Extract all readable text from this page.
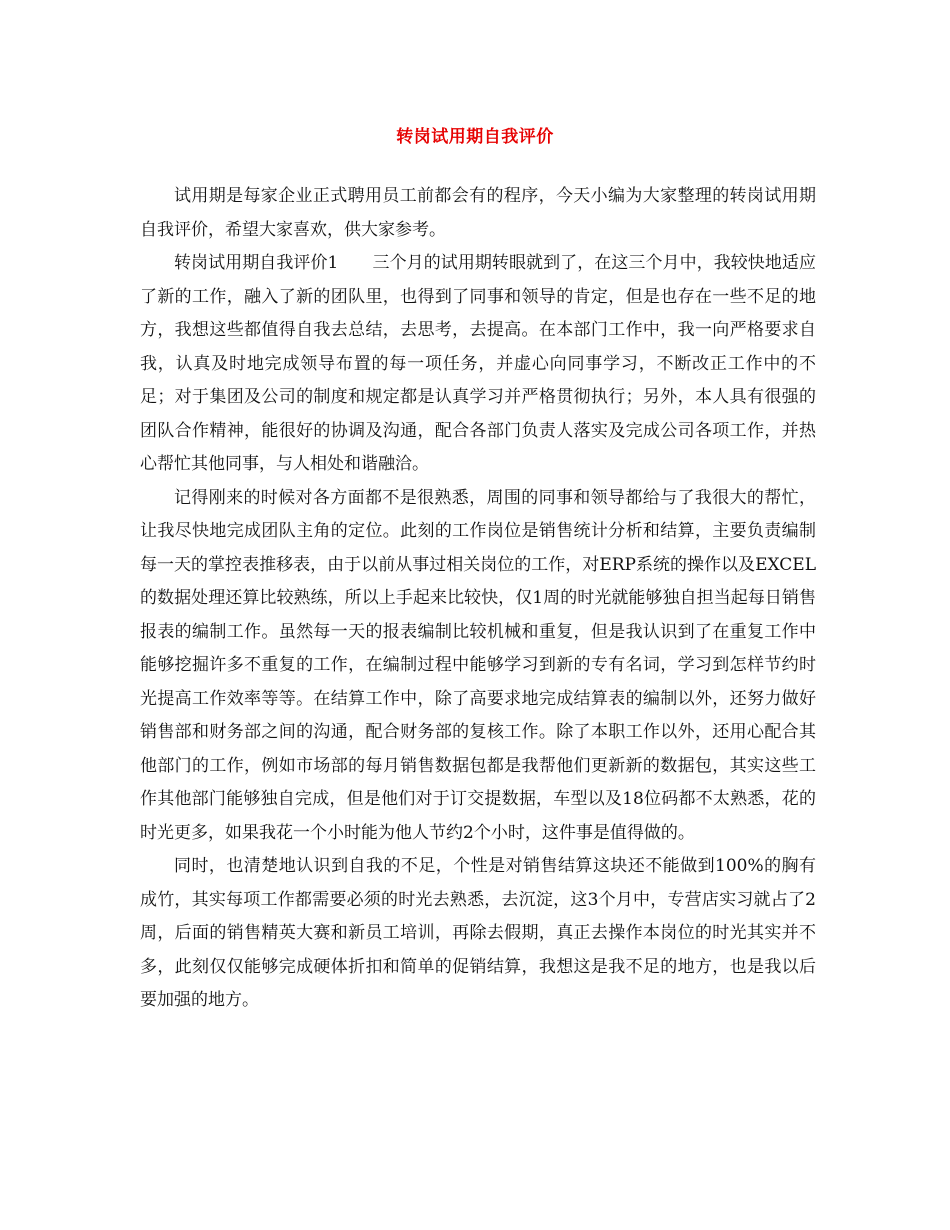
转岗试用期自我评价

试用期是每家企业正式聘用员工前都会有的程序，今天小编为大家整理的转岗试用期自我评价，希望大家喜欢，供大家参考。

转岗试用期自我评价1　　三个月的试用期转眼就到了，在这三个月中，我较快地适应了新的工作，融入了新的团队里，也得到了同事和领导的肯定，但是也存在一些不足的地方，我想这些都值得自我去总结，去思考，去提高。在本部门工作中，我一向严格要求自我，认真及时地完成领导布置的每一项任务，并虚心向同事学习，不断改正工作中的不足；对于集团及公司的制度和规定都是认真学习并严格贯彻执行；另外，本人具有很强的团队合作精神，能很好的协调及沟通，配合各部门负责人落实及完成公司各项工作，并热心帮忙其他同事，与人相处和谐融洽。

记得刚来的时候对各方面都不是很熟悉，周围的同事和领导都给与了我很大的帮忙，让我尽快地完成团队主角的定位。此刻的工作岗位是销售统计分析和结算，主要负责编制每一天的掌控表推移表，由于以前从事过相关岗位的工作，对ERP系统的操作以及EXCEL的数据处理还算比较熟练，所以上手起来比较快，仅1周的时光就能够独自担当起每日销售报表的编制工作。虽然每一天的报表编制比较机械和重复，但是我认识到了在重复工作中能够挖掘许多不重复的工作，在编制过程中能够学习到新的专有名词，学习到怎样节约时光提高工作效率等等。在结算工作中，除了高要求地完成结算表的编制以外，还努力做好销售部和财务部之间的沟通，配合财务部的复核工作。除了本职工作以外，还用心配合其他部门的工作，例如市场部的每月销售数据包都是我帮他们更新新的数据包，其实这些工作其他部门能够独自完成，但是他们对于订交提数据，车型以及18位码都不太熟悉，花的时光更多，如果我花一个小时能为他人节约2个小时，这件事是值得做的。

同时，也清楚地认识到自我的不足，个性是对销售结算这块还不能做到100%的胸有成竹，其实每项工作都需要必须的时光去熟悉，去沉淀，这3个月中，专营店实习就占了2周，后面的销售精英大赛和新员工培训，再除去假期，真正去操作本岗位的时光其实并不多，此刻仅仅能够完成硬体折扣和简单的促销结算，我想这是我不足的地方，也是我以后要加强的地方。
